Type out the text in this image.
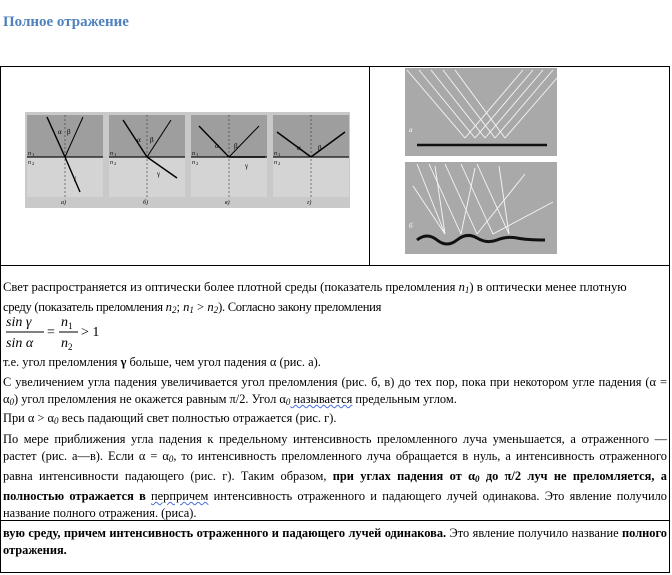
Полное отражение
α β
γ
n 1
n 2
а)
α β
γ
n 1
n 2
б)
α β
γ
n 1
n 2
в)
α β
n 1
n 2
г)
а
б
Свет распространяется из оптически более плотной среды (показатель преломления $n_1$) в оптически менее плотную
среду (показатель преломления $n_2$; $n_1 > n_2$). Согласно закону преломления
sin γ
sin α
=
n 1
n 2
> 1
т.е. угол преломления γ больше, чем угол падения α (рис. а).
С увеличением угла падения увеличивается угол преломления (рис. б, в) до тех пор, пока при некотором угле падения $(\alpha = \alpha_0)$ угол преломления не окажется равным π/2. Угол $\alpha_0$ называется предельным углом.
При $\alpha > \alpha_0$ весь падающий свет полностью отражается (рис. г).
По мере приближения угла падения к предельному интенсивность преломленного луча уменьшается, а отраженного — растет (рис. а—в). Если $\alpha = \alpha_0$, то интенсивность преломленного луча обращается в нуль, а интенсивность отраженного равна интенсивности падающего (рис. г). Таким образом, при углах падения от $\alpha_0$ до π/2 луч не преломляется, а полностью отражается в перпричем интенсивность отраженного и падающего лучей одинакова. Это явление получило название полного отражения. (риса).
вую среду, причем интенсивность отраженного и падающего лучей одинакова. Это явление получило название полного отражения.
